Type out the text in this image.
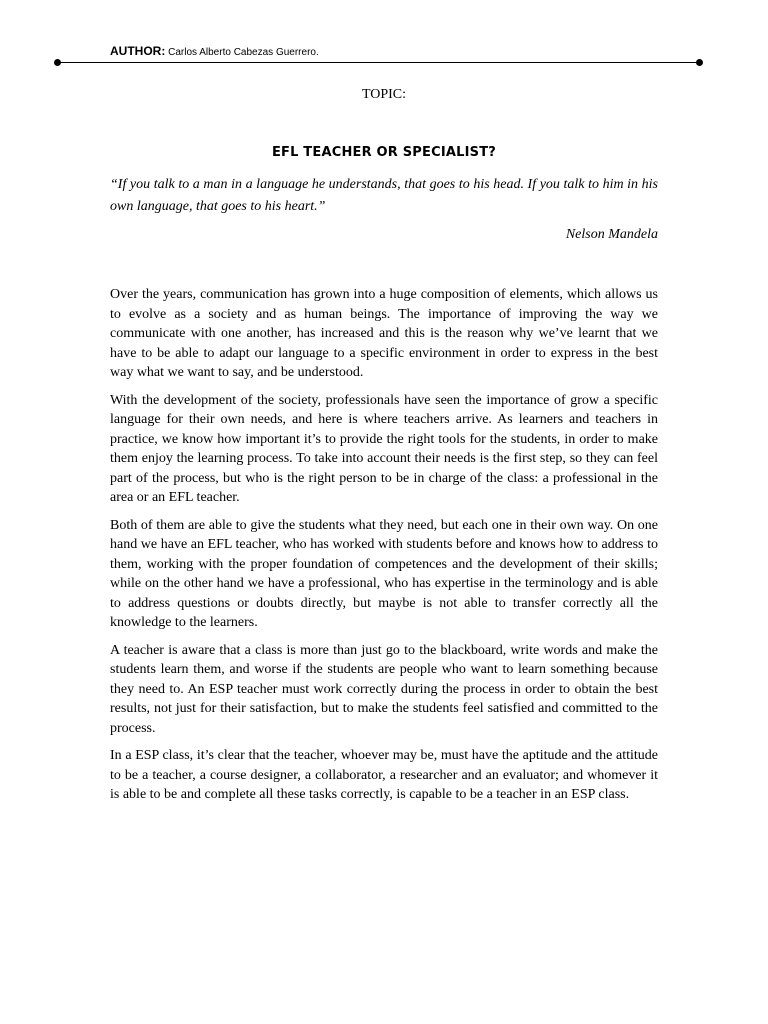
AUTHOR: Carlos Alberto Cabezas Guerrero.
TOPIC:
EFL TEACHER OR SPECIALIST?
“If you talk to a man in a language he understands, that goes to his head. If you talk to him in his own language, that goes to his heart.”
Nelson Mandela

Over the years, communication has grown into a huge composition of elements, which allows us to evolve as a society and as human beings. The importance of improving the way we communicate with one another, has increased and this is the reason why we’ve learnt that we have to be able to adapt our language to a specific environment in order to express in the best way what we want to say, and be understood.

With the development of the society, professionals have seen the importance of grow a specific language for their own needs, and here is where teachers arrive. As learners and teachers in practice, we know how important it’s to provide the right tools for the students, in order to make them enjoy the learning process. To take into account their needs is the first step, so they can feel part of the process, but who is the right person to be in charge of the class: a professional in the area or an EFL teacher.

Both of them are able to give the students what they need, but each one in their own way. On one hand we have an EFL teacher, who has worked with students before and knows how to address to them, working with the proper foundation of competences and the development of their skills; while on the other hand we have a professional, who has expertise in the terminology and is able to address questions or doubts directly, but maybe is not able to transfer correctly all the knowledge to the learners.

A teacher is aware that a class is more than just go to the blackboard, write words and make the students learn them, and worse if the students are people who want to learn something because they need to. An ESP teacher must work correctly during the process in order to obtain the best results, not just for their satisfaction, but to make the students feel satisfied and committed to the process.

In a ESP class, it’s clear that the teacher, whoever may be, must have the aptitude and the attitude to be a teacher, a course designer, a collaborator, a researcher and an evaluator; and whomever it is able to be and complete all these tasks correctly, is capable to be a teacher in an ESP class.
